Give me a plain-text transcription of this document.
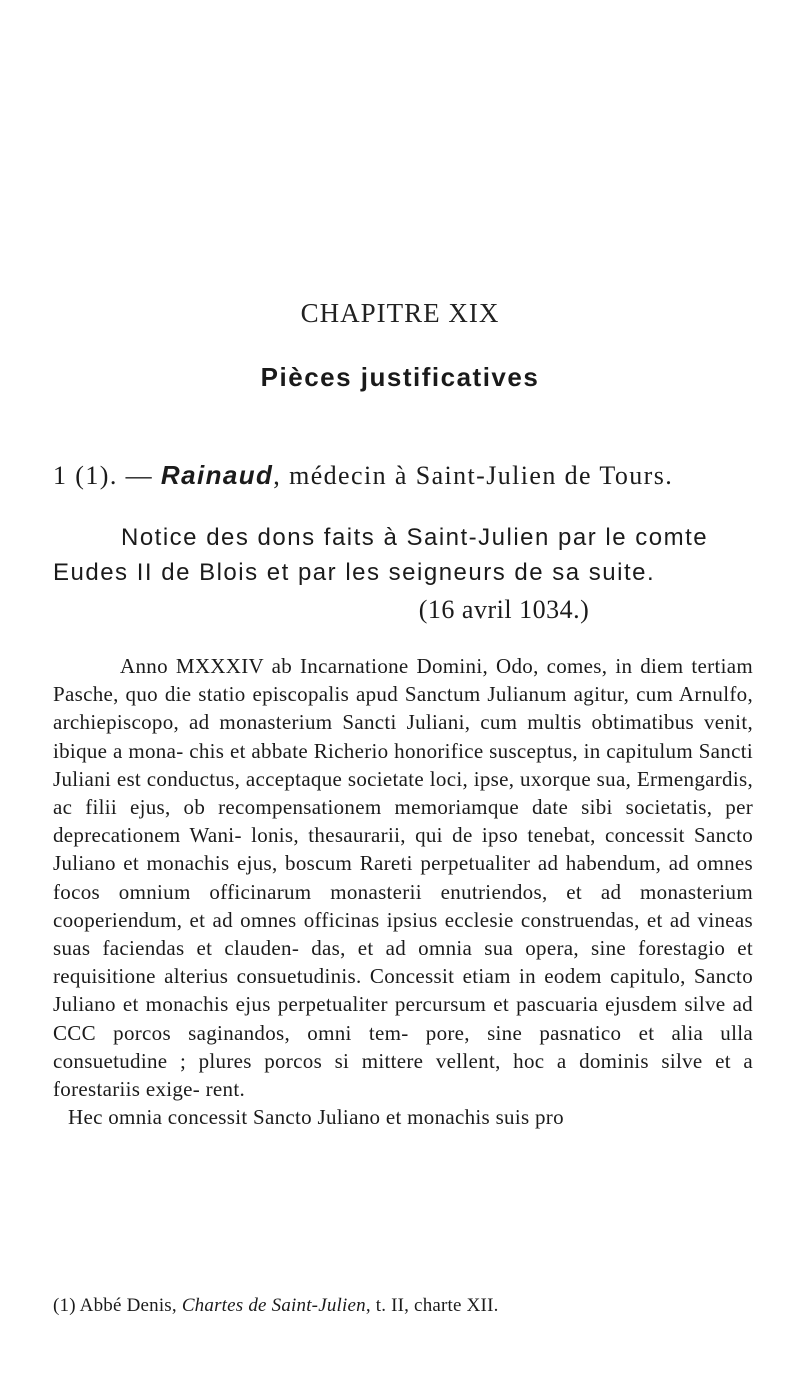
CHAPITRE XIX
Pièces justificatives
1 (1). — Rainaud, médecin à Saint-Julien de Tours.
Notice des dons faits à Saint-Julien par le comte
Eudes II de Blois et par les seigneurs de sa suite.
(16 avril 1034.)

Anno MXXXIV ab Incarnatione Domini, Odo, comes, in diem tertiam Pasche, quo die statio episcopalis apud Sanctum Julianum agitur, cum Arnulfo, archiepiscopo, ad monasterium Sancti Juliani, cum multis obtimatibus venit, ibique a mona- chis et abbate Richerio honorifice susceptus, in capitulum Sancti Juliani est conductus, acceptaque societate loci, ipse, uxorque sua, Ermengardis, ac filii ejus, ob recompensationem memoriamque date sibi societatis, per deprecationem Wani- lonis, thesaurarii, qui de ipso tenebat, concessit Sancto Juliano et monachis ejus, boscum Rareti perpetualiter ad habendum, ad omnes focos omnium officinarum monasterii enutriendos, et ad monasterium cooperiendum, et ad omnes officinas ipsius ecclesie construendas, et ad vineas suas faciendas et clauden- das, et ad omnia sua opera, sine forestagio et requisitione alterius consuetudinis. Concessit etiam in eodem capitulo, Sancto Juliano et monachis ejus perpetualiter percursum et pascuaria ejusdem silve ad CCC porcos saginandos, omni tem- pore, sine pasnatico et alia ulla consuetudine ; plures porcos si mittere vellent, hoc a dominis silve et a forestariis exige- rent.

Hec omnia concessit Sancto Juliano et monachis suis pro

(1) Abbé Denis, Chartes de Saint-Julien, t. II, charte XII.
